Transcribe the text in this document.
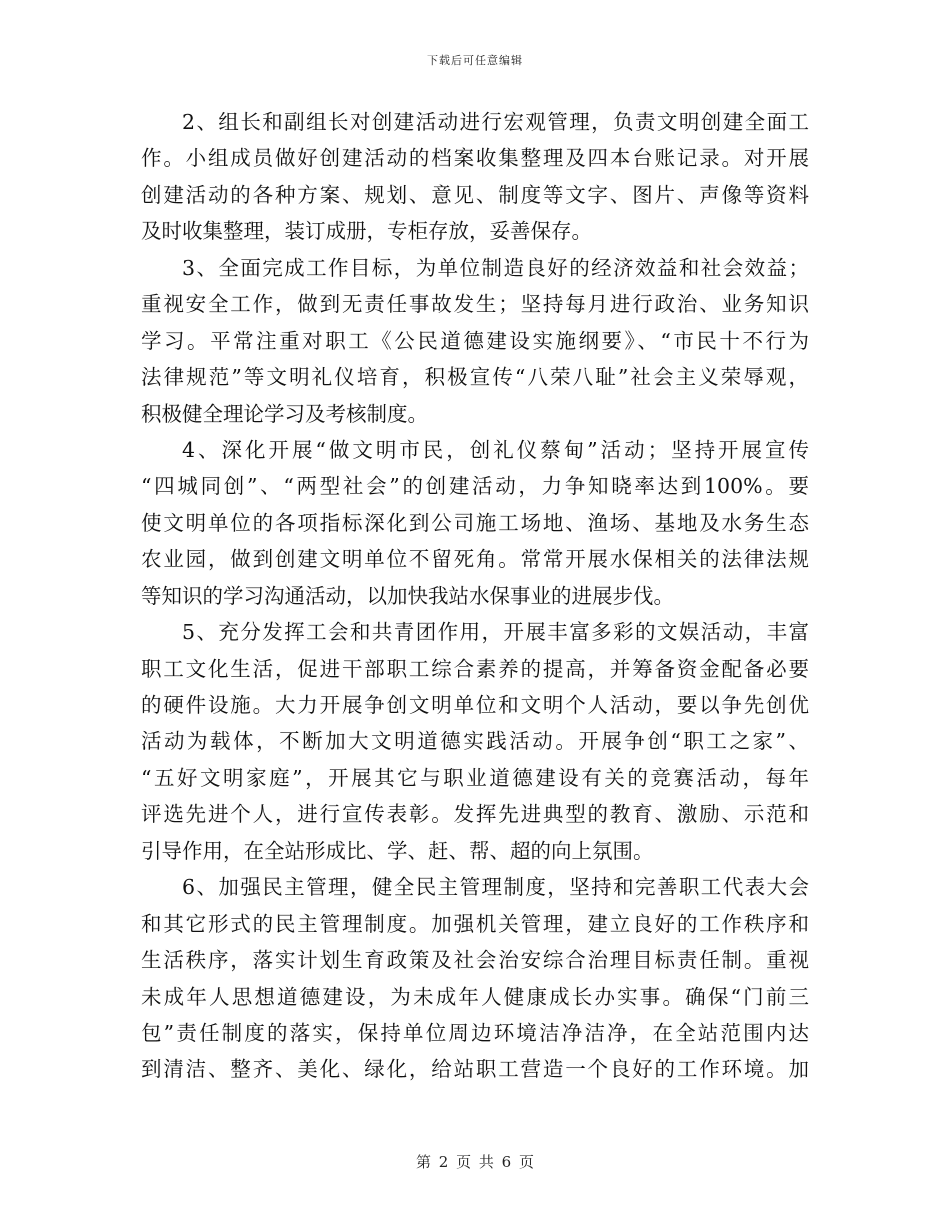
下载后可任意编辑
2、组长和副组长对创建活动进行宏观管理，负责文明创建全面工
作。小组成员做好创建活动的档案收集整理及四本台账记录。对开展
创建活动的各种方案、规划、意见、制度等文字、图片、声像等资料
及时收集整理，装订成册，专柜存放，妥善保存。
3、全面完成工作目标，为单位制造良好的经济效益和社会效益；
重视安全工作，做到无责任事故发生；坚持每月进行政治、业务知识
学习。平常注重对职工《公民道德建设实施纲要》、“市民十不行为
法律规范”等文明礼仪培育，积极宣传“八荣八耻”社会主义荣辱观，
积极健全理论学习及考核制度。
4、深化开展“做文明市民，创礼仪蔡甸”活动；坚持开展宣传
“四城同创”、“两型社会”的创建活动，力争知晓率达到100%。要
使文明单位的各项指标深化到公司施工场地、渔场、基地及水务生态
农业园，做到创建文明单位不留死角。常常开展水保相关的法律法规
等知识的学习沟通活动，以加快我站水保事业的进展步伐。
5、充分发挥工会和共青团作用，开展丰富多彩的文娱活动，丰富
职工文化生活，促进干部职工综合素养的提高，并筹备资金配备必要
的硬件设施。大力开展争创文明单位和文明个人活动，要以争先创优
活动为载体，不断加大文明道德实践活动。开展争创“职工之家”、
“五好文明家庭”，开展其它与职业道德建设有关的竞赛活动，每年
评选先进个人，进行宣传表彰。发挥先进典型的教育、激励、示范和
引导作用，在全站形成比、学、赶、帮、超的向上氛围。
6、加强民主管理，健全民主管理制度，坚持和完善职工代表大会
和其它形式的民主管理制度。加强机关管理，建立良好的工作秩序和
生活秩序，落实计划生育政策及社会治安综合治理目标责任制。重视
未成年人思想道德建设，为未成年人健康成长办实事。确保“门前三
包”责任制度的落实，保持单位周边环境洁净洁净，在全站范围内达
到清洁、整齐、美化、绿化，给站职工营造一个良好的工作环境。加
第 2 页 共 6 页
